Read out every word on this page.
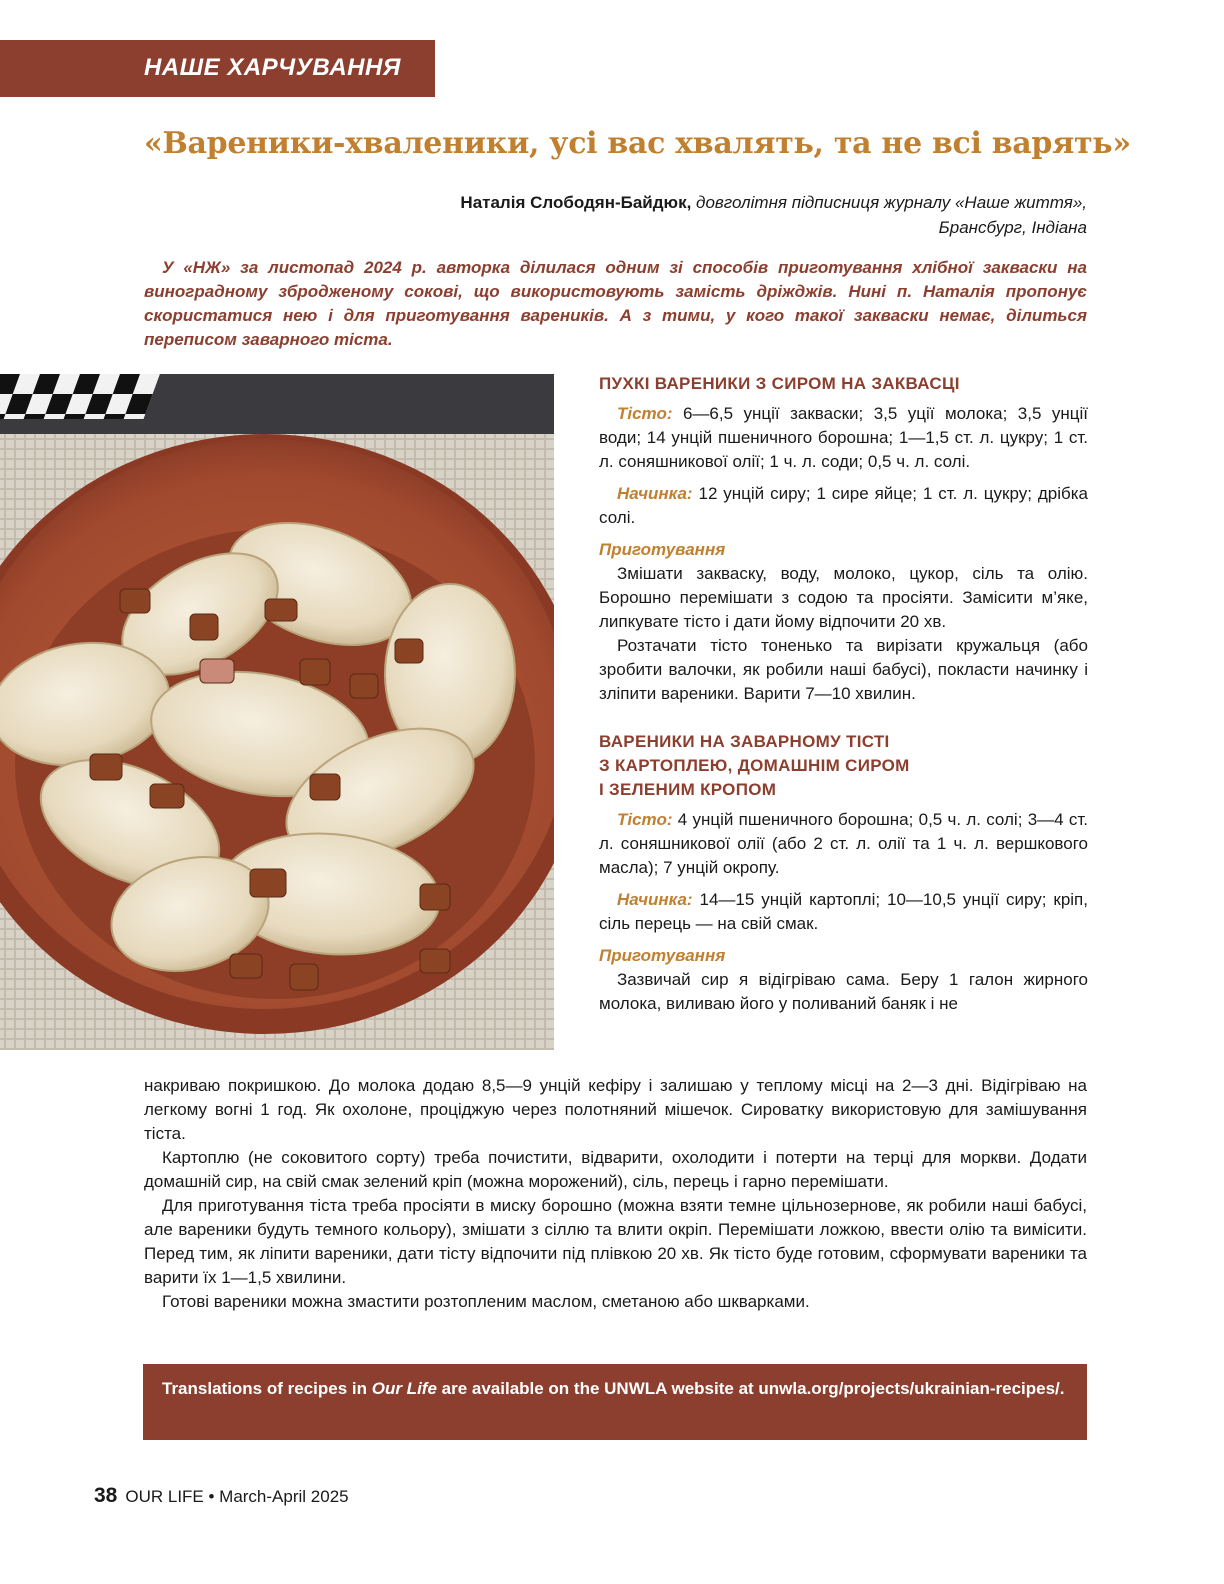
НАШЕ ХАРЧУВАННЯ
«Вареники-хваленики, усі вас хвалять, та не всі варять»
Наталія Слободян-Байдюк, довголітня підписниця журналу «Наше життя»,
Брансбург, Індіана

У «НЖ» за листопад 2024 р. авторка ділилася одним зі способів приготування хлібної закваски на виноградному збродженому сокові, що використовують замість дріжджів. Нині п. Наталія пропонує скористатися нею і для приготування вареників. А з тими, у кого такої закваски немає, ділиться переписом заварного тіста.

ПУХКІ ВАРЕНИКИ З СИРОМ НА ЗАКВАСЦІ

Тісто: 6—6,5 унції закваски; 3,5 уції молока; 3,5 унції води; 14 унцій пшеничного борошна; 1—1,5 ст. л. цукру; 1 ст. л. соняшникової олії; 1 ч. л. соди; 0,5 ч. л. солі.

Начинка: 12 унцій сиру; 1 сире яйце; 1 ст. л. цукру; дрібка солі.

Приготування

Змішати закваску, воду, молоко, цукор, сіль та олію. Борошно перемішати з содою та просіяти. Замісити м’яке, липкувате тісто і дати йому відпочити 20 хв.

Розтачати тісто тоненько та вирізати кружальця (або зробити валочки, як робили наші бабусі), покласти начинку і зліпити вареники. Варити 7—10 хвилин.

ВАРЕНИКИ НА ЗАВАРНОМУ ТІСТІ
З КАРТОПЛЕЮ, ДОМАШНІМ СИРОМ
І ЗЕЛЕНИМ КРОПОМ

Тісто: 4 унцій пшеничного борошна; 0,5 ч. л. солі; 3—4 ст. л. соняшникової олії (або 2 ст. л. олії та 1 ч. л. вершкового масла); 7 унцій окропу.

Начинка: 14—15 унцій картоплі; 10—10,5 унції сиру; кріп, сіль перець — на свій смак.

Приготування

Зазвичай сир я відігріваю сама. Беру 1 галон жирного молока, виливаю його у поливаний баняк і не

накриваю покришкою. До молока додаю 8,5—9 унцій кефіру і залишаю у теплому місці на 2—3 дні. Відігріваю на легкому вогні 1 год. Як охолоне, проціджую через полотняний мішечок. Сироватку використовую для замішування тіста.

Картоплю (не соковитого сорту) треба почистити, відварити, охолодити і потерти на терці для моркви. Додати домашній сир, на свій смак зелений кріп (можна морожений), сіль, перець і гарно перемішати.

Для приготування тіста треба просіяти в миску борошно (можна взяти темне цільнозернове, як робили наші бабусі, але вареники будуть темного кольору), змішати з сіллю та влити окріп. Перемішати ложкою, ввести олію та вимісити. Перед тим, як ліпити вареники, дати тісту відпочити під плівкою 20 хв. Як тісто буде готовим, сформувати вареники та варити їх 1—1,5 хвилини.

Готові вареники можна змастити розтопленим маслом, сметаною або шкварками.

Translations of recipes in Our Life are available on the UNWLA website at unwla.org/projects/ukrainian-recipes/.

38 OUR LIFE • March-April 2025
